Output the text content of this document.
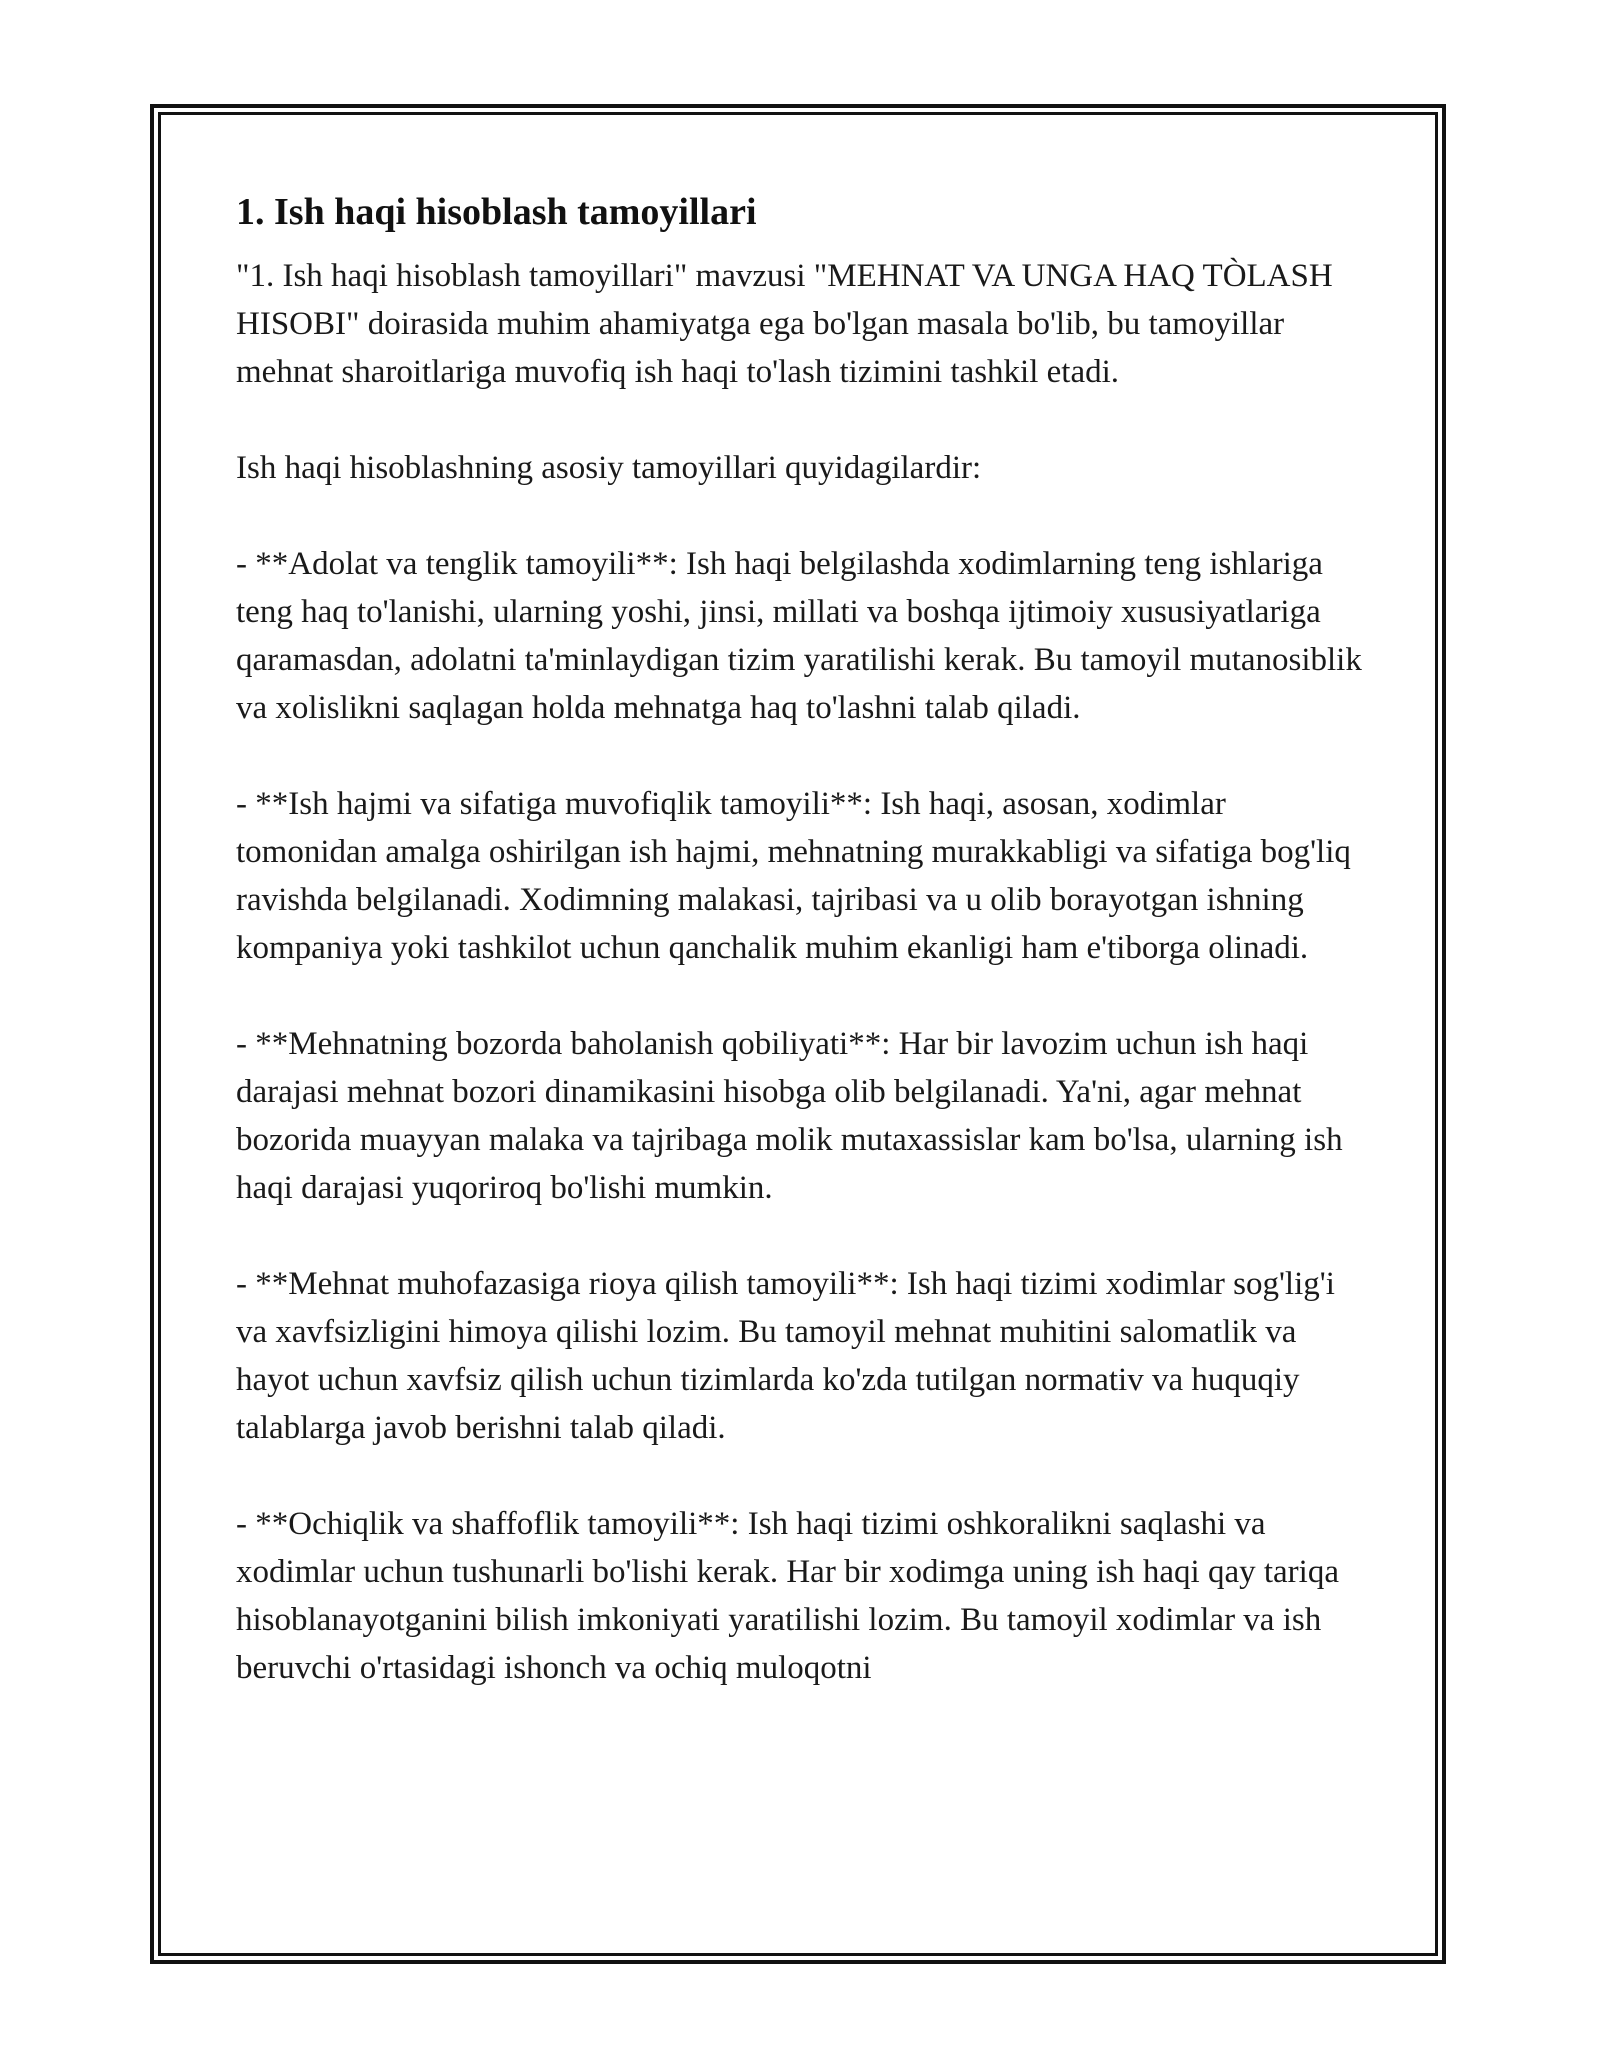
1. Ish haqi hisoblash tamoyillari

"1. Ish haqi hisoblash tamoyillari" mavzusi "MEHNAT VA UNGA HAQ TÒLASH HISOBI" doirasida muhim ahamiyatga ega bo'lgan masala bo'lib, bu tamoyillar mehnat sharoitlariga muvofiq ish haqi to'lash tizimini tashkil etadi.

Ish haqi hisoblashning asosiy tamoyillari quyidagilardir:

- **Adolat va tenglik tamoyili**: Ish haqi belgilashda xodimlarning teng ishlariga teng haq to'lanishi, ularning yoshi, jinsi, millati va boshqa ijtimoiy xususiyatlariga qaramasdan, adolatni ta'minlaydigan tizim yaratilishi kerak. Bu tamoyil mutanosiblik va xolislikni saqlagan holda mehnatga haq to'lashni talab qiladi.

- **Ish hajmi va sifatiga muvofiqlik tamoyili**: Ish haqi, asosan, xodimlar tomonidan amalga oshirilgan ish hajmi, mehnatning murakkabligi va sifatiga bog'liq ravishda belgilanadi. Xodimning malakasi, tajribasi va u olib borayotgan ishning kompaniya yoki tashkilot uchun qanchalik muhim ekanligi ham e'tiborga olinadi.

- **Mehnatning bozorda baholanish qobiliyati**: Har bir lavozim uchun ish haqi darajasi mehnat bozori dinamikasini hisobga olib belgilanadi. Ya'ni, agar mehnat bozorida muayyan malaka va tajribaga molik mutaxassislar kam bo'lsa, ularning ish haqi darajasi yuqoriroq bo'lishi mumkin.

- **Mehnat muhofazasiga rioya qilish tamoyili**: Ish haqi tizimi xodimlar sog'lig'i va xavfsizligini himoya qilishi lozim. Bu tamoyil mehnat muhitini salomatlik va hayot uchun xavfsiz qilish uchun tizimlarda ko'zda tutilgan normativ va huquqiy talablarga javob berishni talab qiladi.

- **Ochiqlik va shaffoflik tamoyili**: Ish haqi tizimi oshkoralikni saqlashi va xodimlar uchun tushunarli bo'lishi kerak. Har bir xodimga uning ish haqi qay tariqa hisoblanayotganini bilish imkoniyati yaratilishi lozim. Bu tamoyil xodimlar va ish beruvchi o'rtasidagi ishonch va ochiq muloqotni
